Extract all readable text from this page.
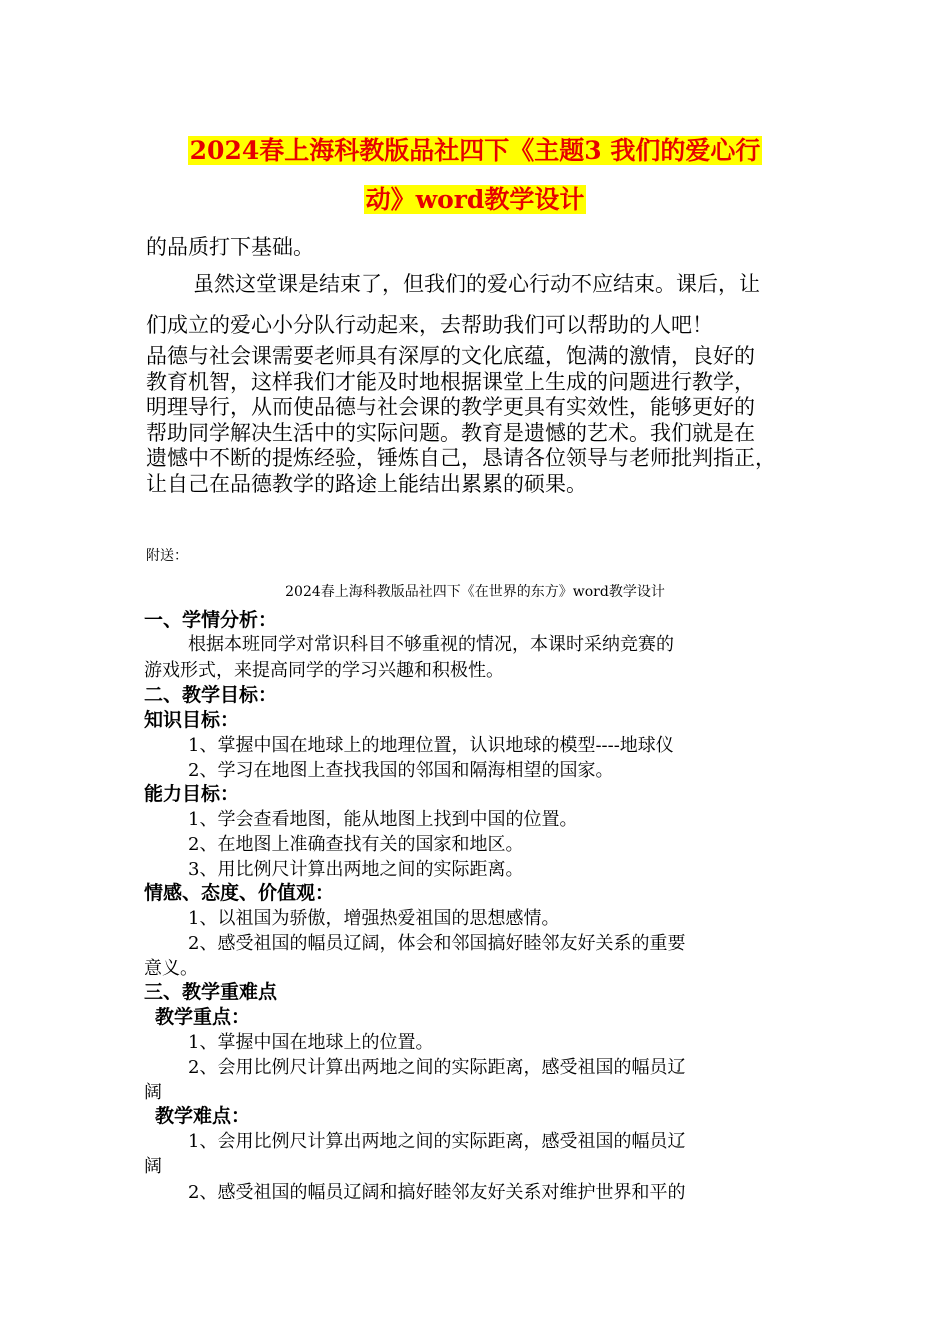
2024春上海科教版品社四下《主题3 我们的爱心行
动》word教学设计
的品质打下基础。
虽然这堂课是结束了，但我们的爱心行动不应结束。课后，让
们成立的爱心小分队行动起来，去帮助我们可以帮助的人吧！
品德与社会课需要老师具有深厚的文化底蕴，饱满的激情，良好的
教育机智，这样我们才能及时地根据课堂上生成的问题进行教学，
明理导行，从而使品德与社会课的教学更具有实效性，能够更好的
帮助同学解决生活中的实际问题。教育是遗憾的艺术。我们就是在
遗憾中不断的提炼经验，锤炼自己，恳请各位领导与老师批判指正，
让自己在品德教学的路途上能结出累累的硕果。
附送：
2024春上海科教版品社四下《在世界的东方》word教学设计
一、学情分析：
根据本班同学对常识科目不够重视的情况，本课时采纳竞赛的
游戏形式，来提高同学的学习兴趣和积极性。
二、教学目标：
知识目标：
1、掌握中国在地球上的地理位置，认识地球的模型----地球仪
2、学习在地图上查找我国的邻国和隔海相望的国家。
能力目标：
1、学会查看地图，能从地图上找到中国的位置。
2、在地图上准确查找有关的国家和地区。
3、用比例尺计算出两地之间的实际距离。
情感、态度、价值观：
1、以祖国为骄傲，增强热爱祖国的思想感情。
2、感受祖国的幅员辽阔，体会和邻国搞好睦邻友好关系的重要
意义。
三、教学重难点
教学重点：
1、掌握中国在地球上的位置。
2、会用比例尺计算出两地之间的实际距离，感受祖国的幅员辽
阔
教学难点：
1、会用比例尺计算出两地之间的实际距离，感受祖国的幅员辽
阔
2、感受祖国的幅员辽阔和搞好睦邻友好关系对维护世界和平的
